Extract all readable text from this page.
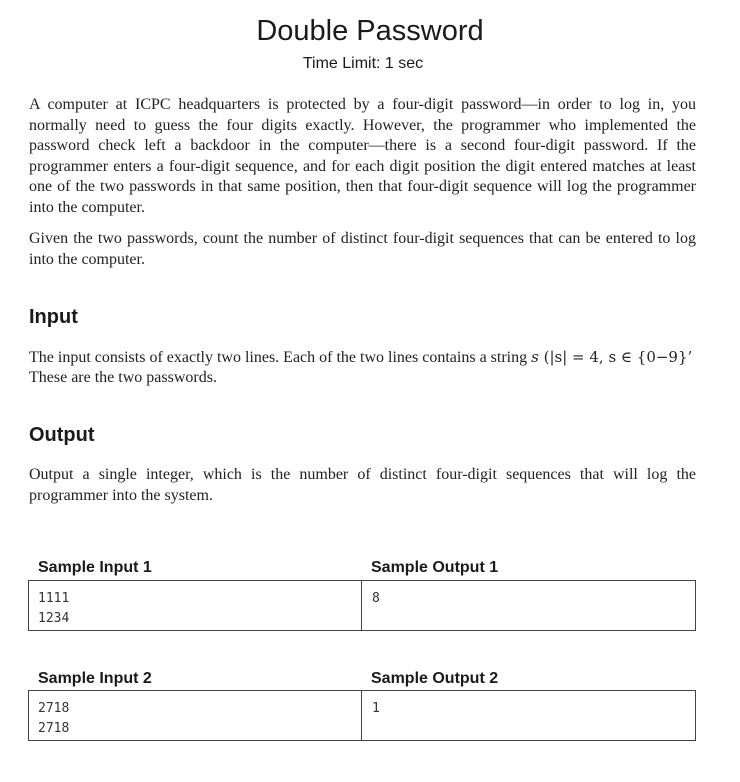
Double Password
Time Limit: 1 sec

A computer at ICPC headquarters is protected by a four-digit password—in order to log in, you normally need to guess the four digits exactly. However, the programmer who implemented the password check left a backdoor in the computer—there is a second four-digit password. If the programmer enters a four-digit sequence, and for each digit position the digit entered matches at least one of the two passwords in that same position, then that four-digit sequence will log the programmer into the computer.

Given the two passwords, count the number of distinct four-digit sequences that can be entered to log into the computer.

Input
The input consists of exactly two lines. Each of the two lines contains a string s (|s| = 4, s ∈ {0−9}’
These are the two passwords.
Output

Output a single integer, which is the number of distinct four-digit sequences that will log the programmer into the system.

Sample Input 1	Sample Output 1
1111
1234
8
Sample Input 2	Sample Output 2
2718
2718
1
